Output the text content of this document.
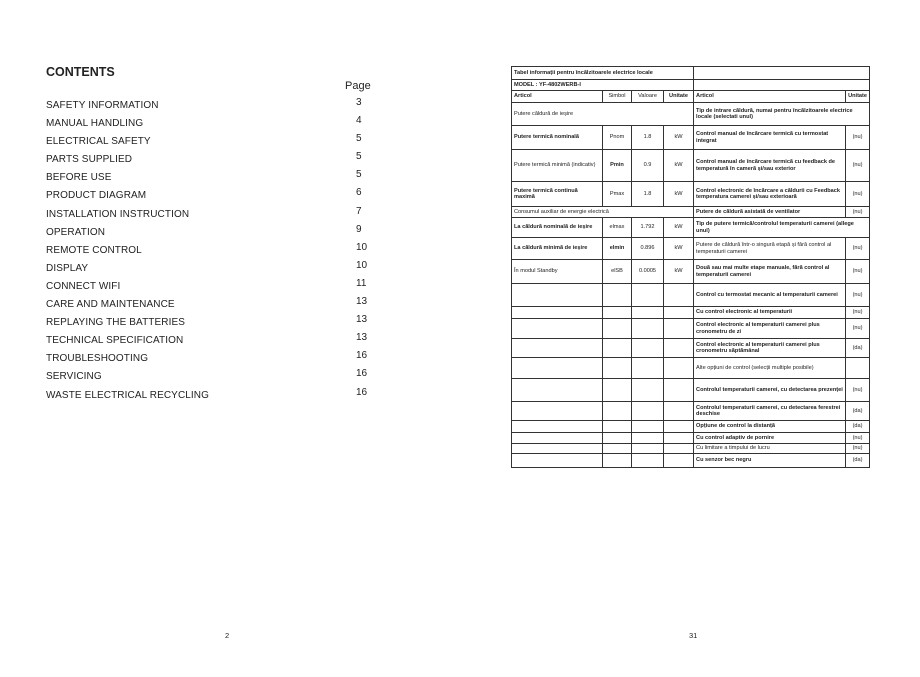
CONTENTS
Page
SAFETY INFORMATION	3
MANUAL HANDLING	4
ELECTRICAL SAFETY	5
PARTS SUPPLIED	5
BEFORE USE	5
PRODUCT DIAGRAM	6
INSTALLATION INSTRUCTION	7
OPERATION	9
REMOTE CONTROL	10
DISPLAY	10
CONNECT WIFI	11
CARE AND MAINTENANCE	13
REPLAYING THE BATTERIES	13
TECHNICAL SPECIFICATION	13
TROUBLESHOOTING	16
SERVICING	16
WASTE ELECTRICAL RECYCLING	16
2
Tabel informații pentru încălzitoarele electrice locale					
MODEL : YF-4802WERB-I					
Articol	Simbol	Valoare	Unitate	Articol	Unitate
Putere căldură de ieșire				Tip de intrare căldură, numai pentru încălzitoarele electrice locale (selectati unul)	
Putere termică nominală	Pnom	1.8	kW	Control manual de încărcare termică cu termostat integrat	(nu)
Putere termică minimă (indicativ)	Pmin	0.9	kW	Control manual de încărcare termică cu feedback de temperatură în cameră și/sau exterior	(nu)
Putere termică continuă maximă	Pmax	1.8	kW	Control electronic de încărcare a căldurii cu Feedback temperatura camerei și/sau exterioară	(nu)
Consumul auxiliar de energie electrică				Putere de căldură asistată de ventilator	(nu)
La căldură nominală de ieșire	elmax	1.792	kW	Tip de putere termică/controlul temperaturii camerei (allege unul)	
La căldură minimă de ieșire	elmin	0.896	kW	Putere de căldură într-o singură etapă și fără control al temperaturii camerei	(nu)
În modul Standby	elSB	0.0005	kW	Două sau mai multe etape manuale, fără control al temperaturii camerei	(nu)
				Control cu termostat mecanic al temperaturii camerei	(nu)
				Cu control electronic al temperaturii	(nu)
				Control electronic al temperaturii camerei plus cronometru de zi	(nu)
				Control electronic al temperaturii camerei plus cronometru săptămânal	(da)
				Alte opțiuni de control (selecții multiple posibile)	
				Controlul temperaturii camerei, cu detectarea prezenței	(nu)
				Controlul temperaturii camerei, cu detectarea ferestrei deschise	(da)
				Opțiune de control la distanță	(da)
				Cu control adaptiv de pornire	(nu)
				Cu limitare a timpului de lucru	(nu)
				Cu senzor bec negru	(da)
31
